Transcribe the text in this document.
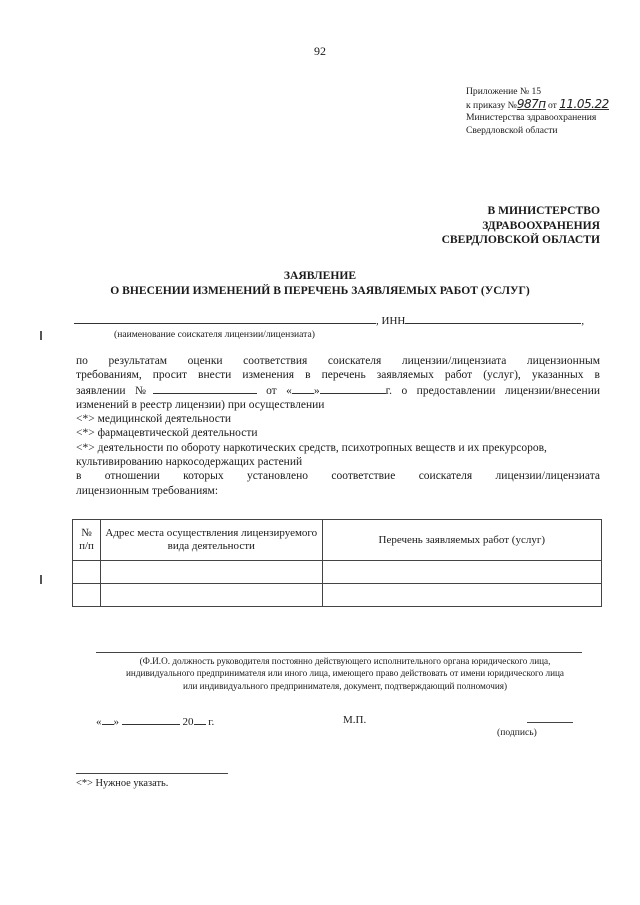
92
Приложение № 15
к приказу №987п от 11.05.22
Министерства здравоохранения
Свердловской области
В МИНИСТЕРСТВО
ЗДРАВООХРАНЕНИЯ
СВЕРДЛОВСКОЙ ОБЛАСТИ
ЗАЯВЛЕНИЕ
О ВНЕСЕНИИ ИЗМЕНЕНИЙ В ПЕРЕЧЕНЬ ЗАЯВЛЯЕМЫХ РАБОТ (УСЛУГ)
, ИНН	,
(наименование соискателя лицензии/лицензиата)

по результатам оценки соответствия соискателя лицензии/лицензиата лицензионным

требованиям, просит внести изменения в перечень заявляемых работ (услуг), указанных в

заявлении №	от « »	г. о предоставлении лицензии/внесении

изменений в реестр лицензии) при осуществлении

<*> медицинской деятельности

<*> фармацевтической деятельности

<*> деятельности по обороту наркотических средств, психотропных веществ и их прекурсоров,

культивированию наркосодержащих растений

в отношении которых установлено соответствие соискателя лицензии/лицензиата

лицензионным требованиям:

№ п/п	Адрес места осуществления лицензируемого вида деятельности	Перечень заявляемых работ (услуг)

(Ф.И.О. должность руководителя постоянно действующего исполнительного органа юридического лица,
индивидуального предпринимателя или иного лица, имеющего право действовать от имени юридического лица
или индивидуального предпринимателя, документ, подтверждающий полномочия)
« »	20 г.	М.П.
(подпись)
<*> Нужное указать.
